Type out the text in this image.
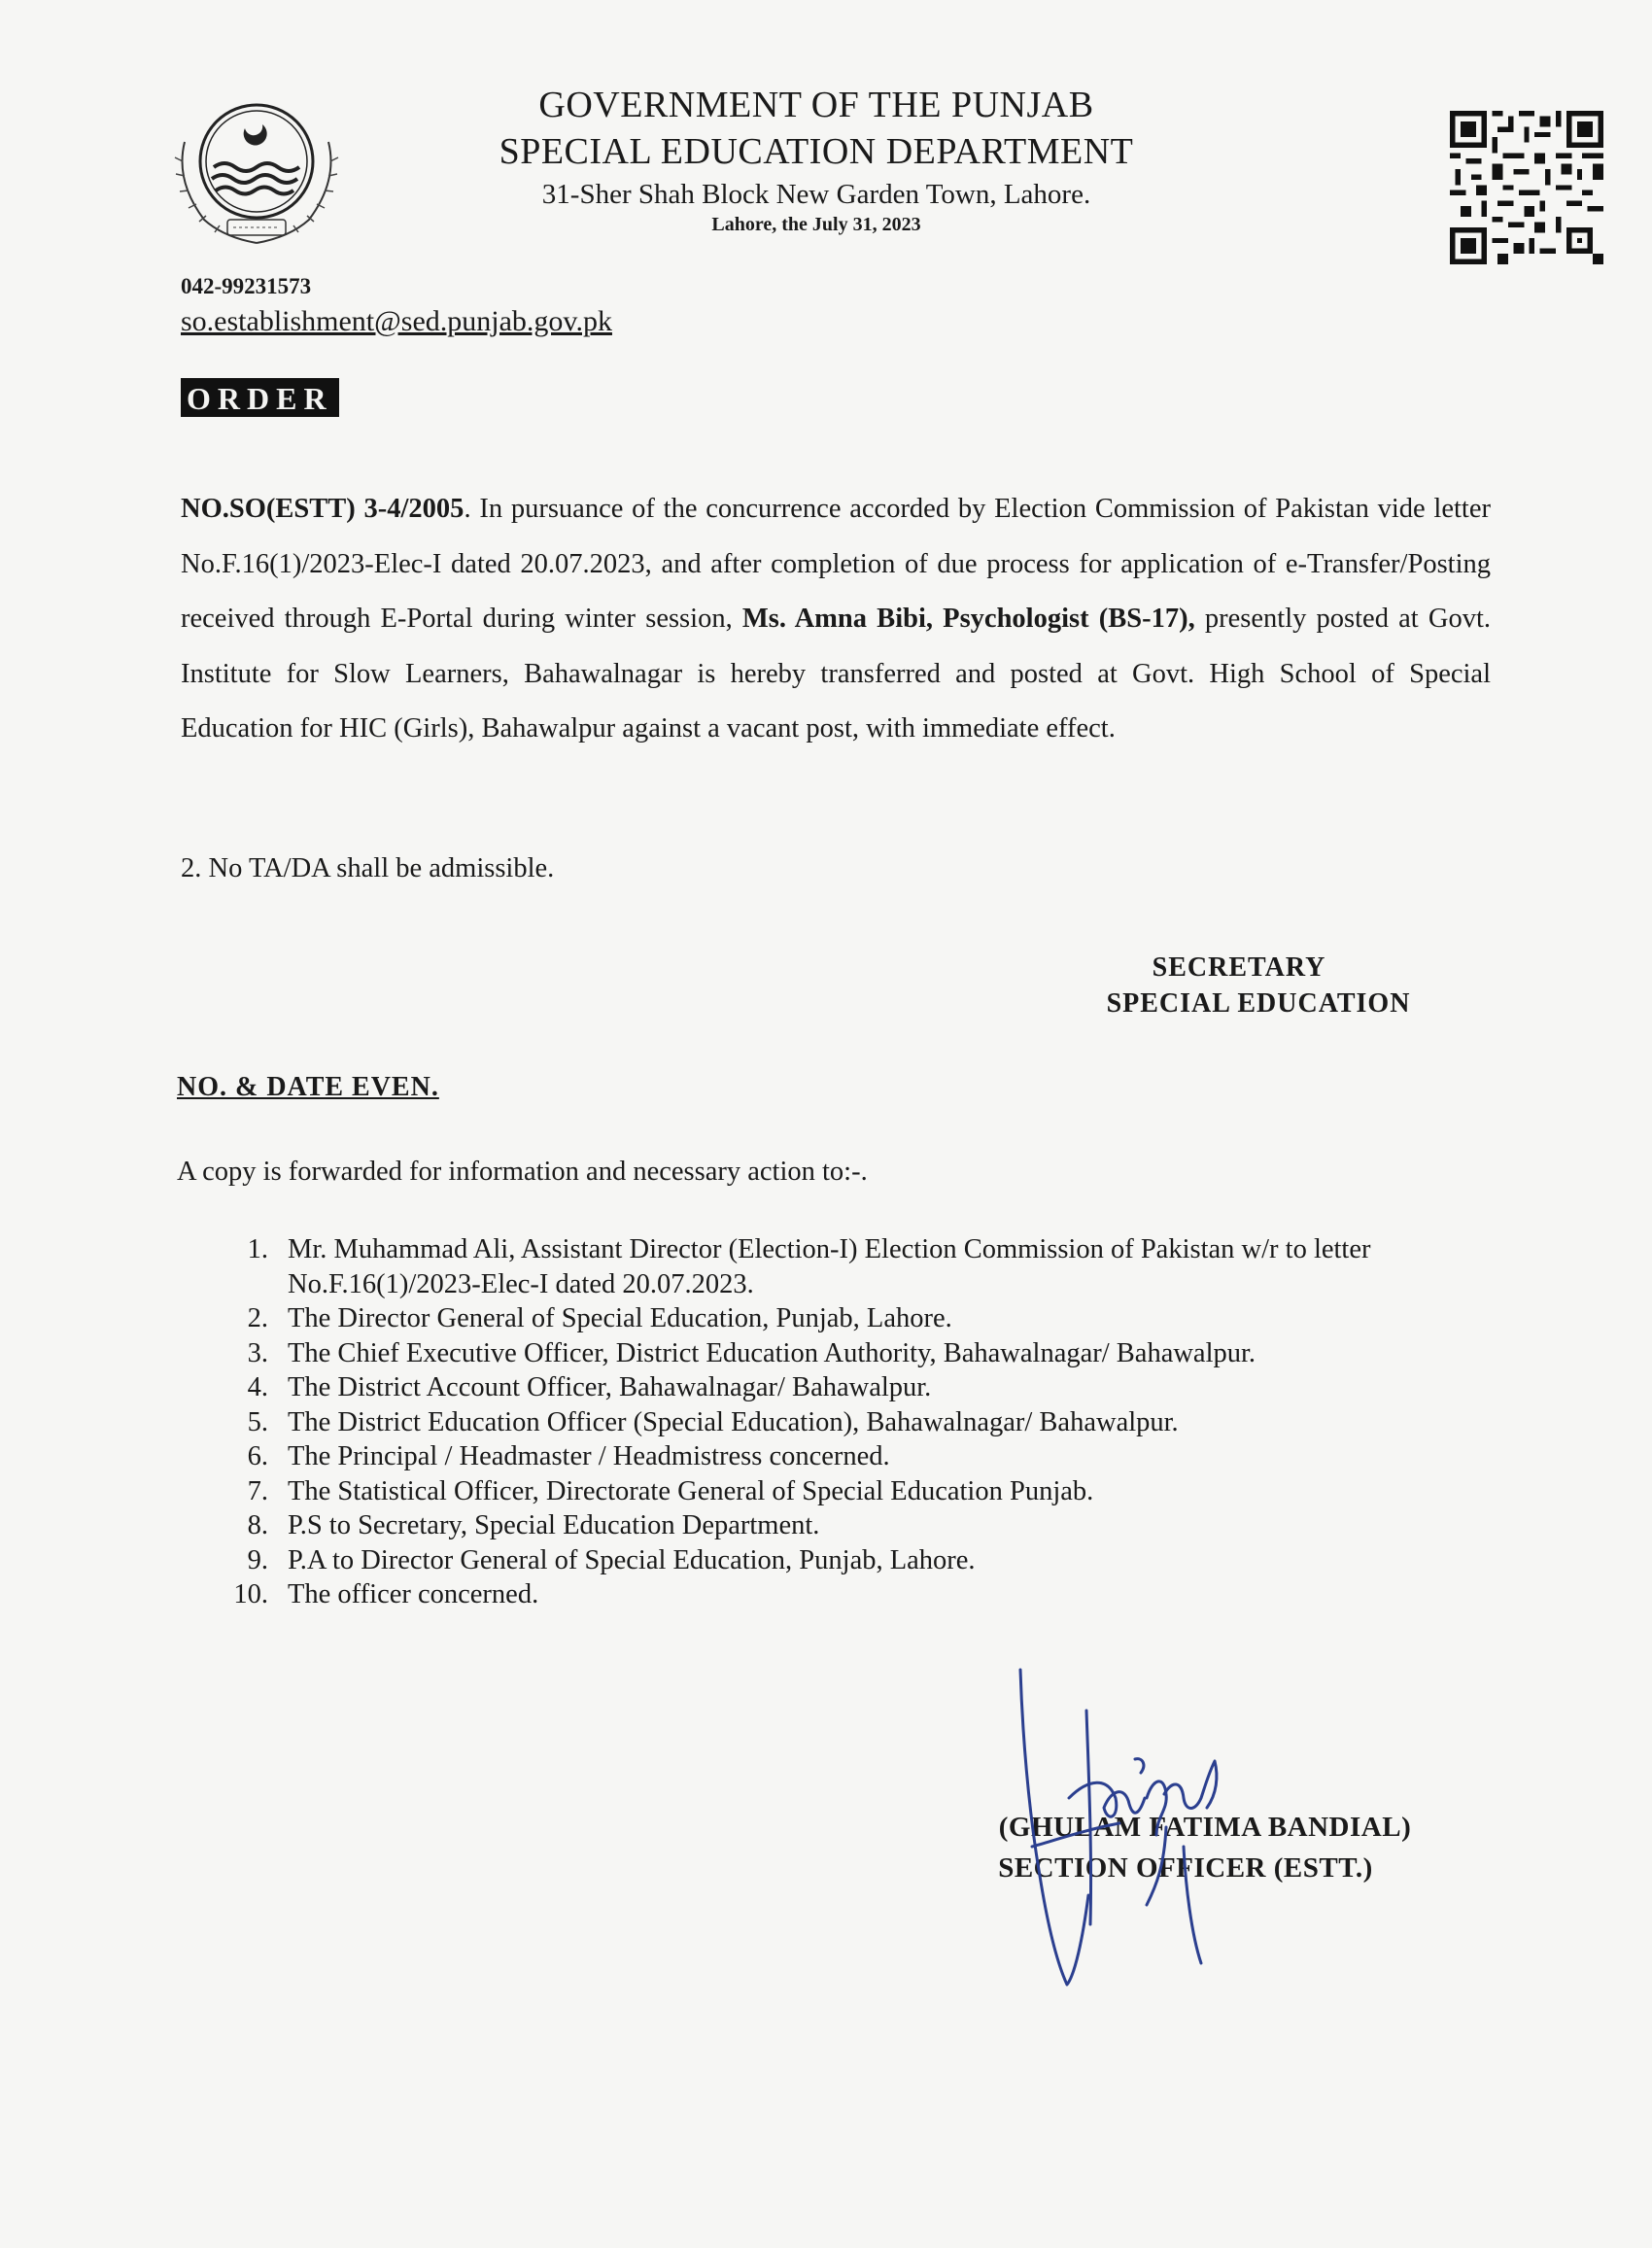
GOVERNMENT OF THE PUNJAB
SPECIAL EDUCATION DEPARTMENT
31-Sher Shah Block New Garden Town, Lahore.
Lahore, the July 31, 2023
042-99231573
so.establishment@sed.punjab.gov.pk
ORDER
NO.SO(ESTT) 3-4/2005. In pursuance of the concurrence accorded by Election Commission of Pakistan vide letter No.F.16(1)/2023-Elec-I dated 20.07.2023, and after completion of due process for application of e-Transfer/Posting received through E-Portal during winter session, Ms. Amna Bibi, Psychologist (BS-17), presently posted at Govt. Institute for Slow Learners, Bahawalnagar is hereby transferred and posted at Govt. High School of Special Education for HIC (Girls), Bahawalpur against a vacant post, with immediate effect.
2. No TA/DA shall be admissible.
SECRETARY
SPECIAL EDUCATION
NO. & DATE EVEN.
A copy is forwarded for information and necessary action to:-.
1. Mr. Muhammad Ali, Assistant Director (Election-I) Election Commission of Pakistan w/r to letter No.F.16(1)/2023-Elec-I dated 20.07.2023.
2. The Director General of Special Education, Punjab, Lahore.
3. The Chief Executive Officer, District Education Authority, Bahawalnagar/ Bahawalpur.
4. The District Account Officer, Bahawalnagar/ Bahawalpur.
5. The District Education Officer (Special Education), Bahawalnagar/ Bahawalpur.
6. The Principal / Headmaster / Headmistress concerned.
7. The Statistical Officer, Directorate General of Special Education Punjab.
8. P.S to Secretary, Special Education Department.
9. P.A to Director General of Special Education, Punjab, Lahore.
10. The officer concerned.
(GHULAM FATIMA BANDIAL)
SECTION OFFICER (ESTT.)
